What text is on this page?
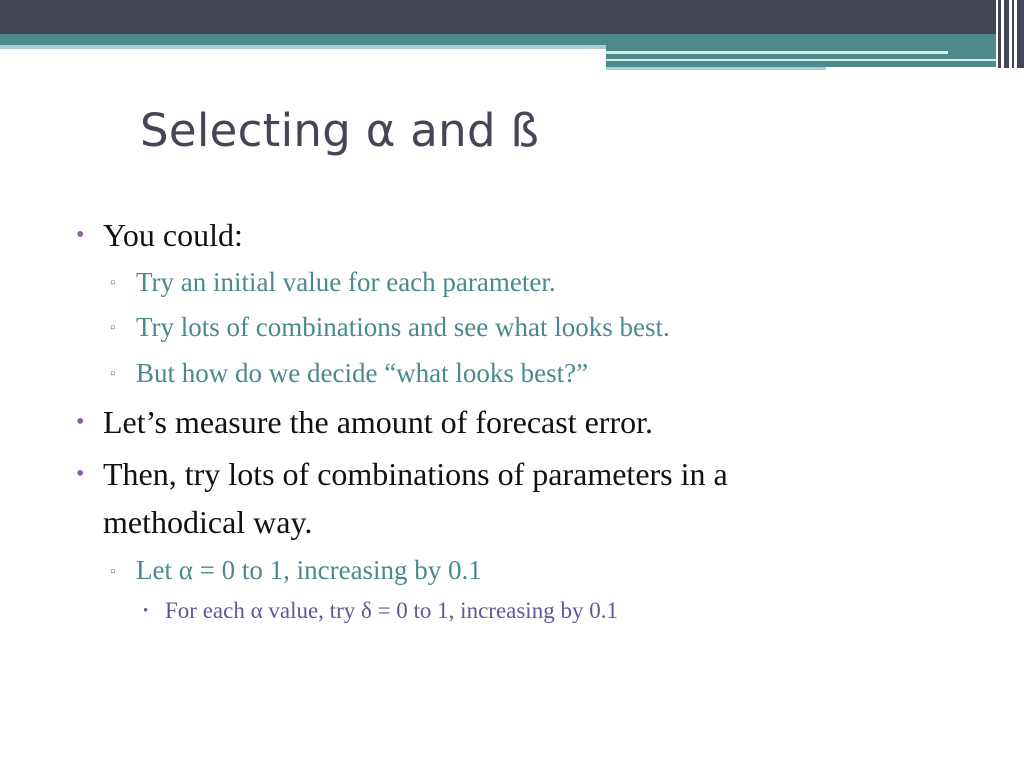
Selecting α and ß
• You could:
▫ Try an initial value for each parameter.
▫ Try lots of combinations and see what looks best.
▫ But how do we decide “what looks best?”
• Let’s measure the amount of forecast error.
• Then, try lots of combinations of parameters in a
methodical way.
▫ Let α = 0 to 1, increasing by 0.1
• For each α value, try δ = 0 to 1, increasing by 0.1
